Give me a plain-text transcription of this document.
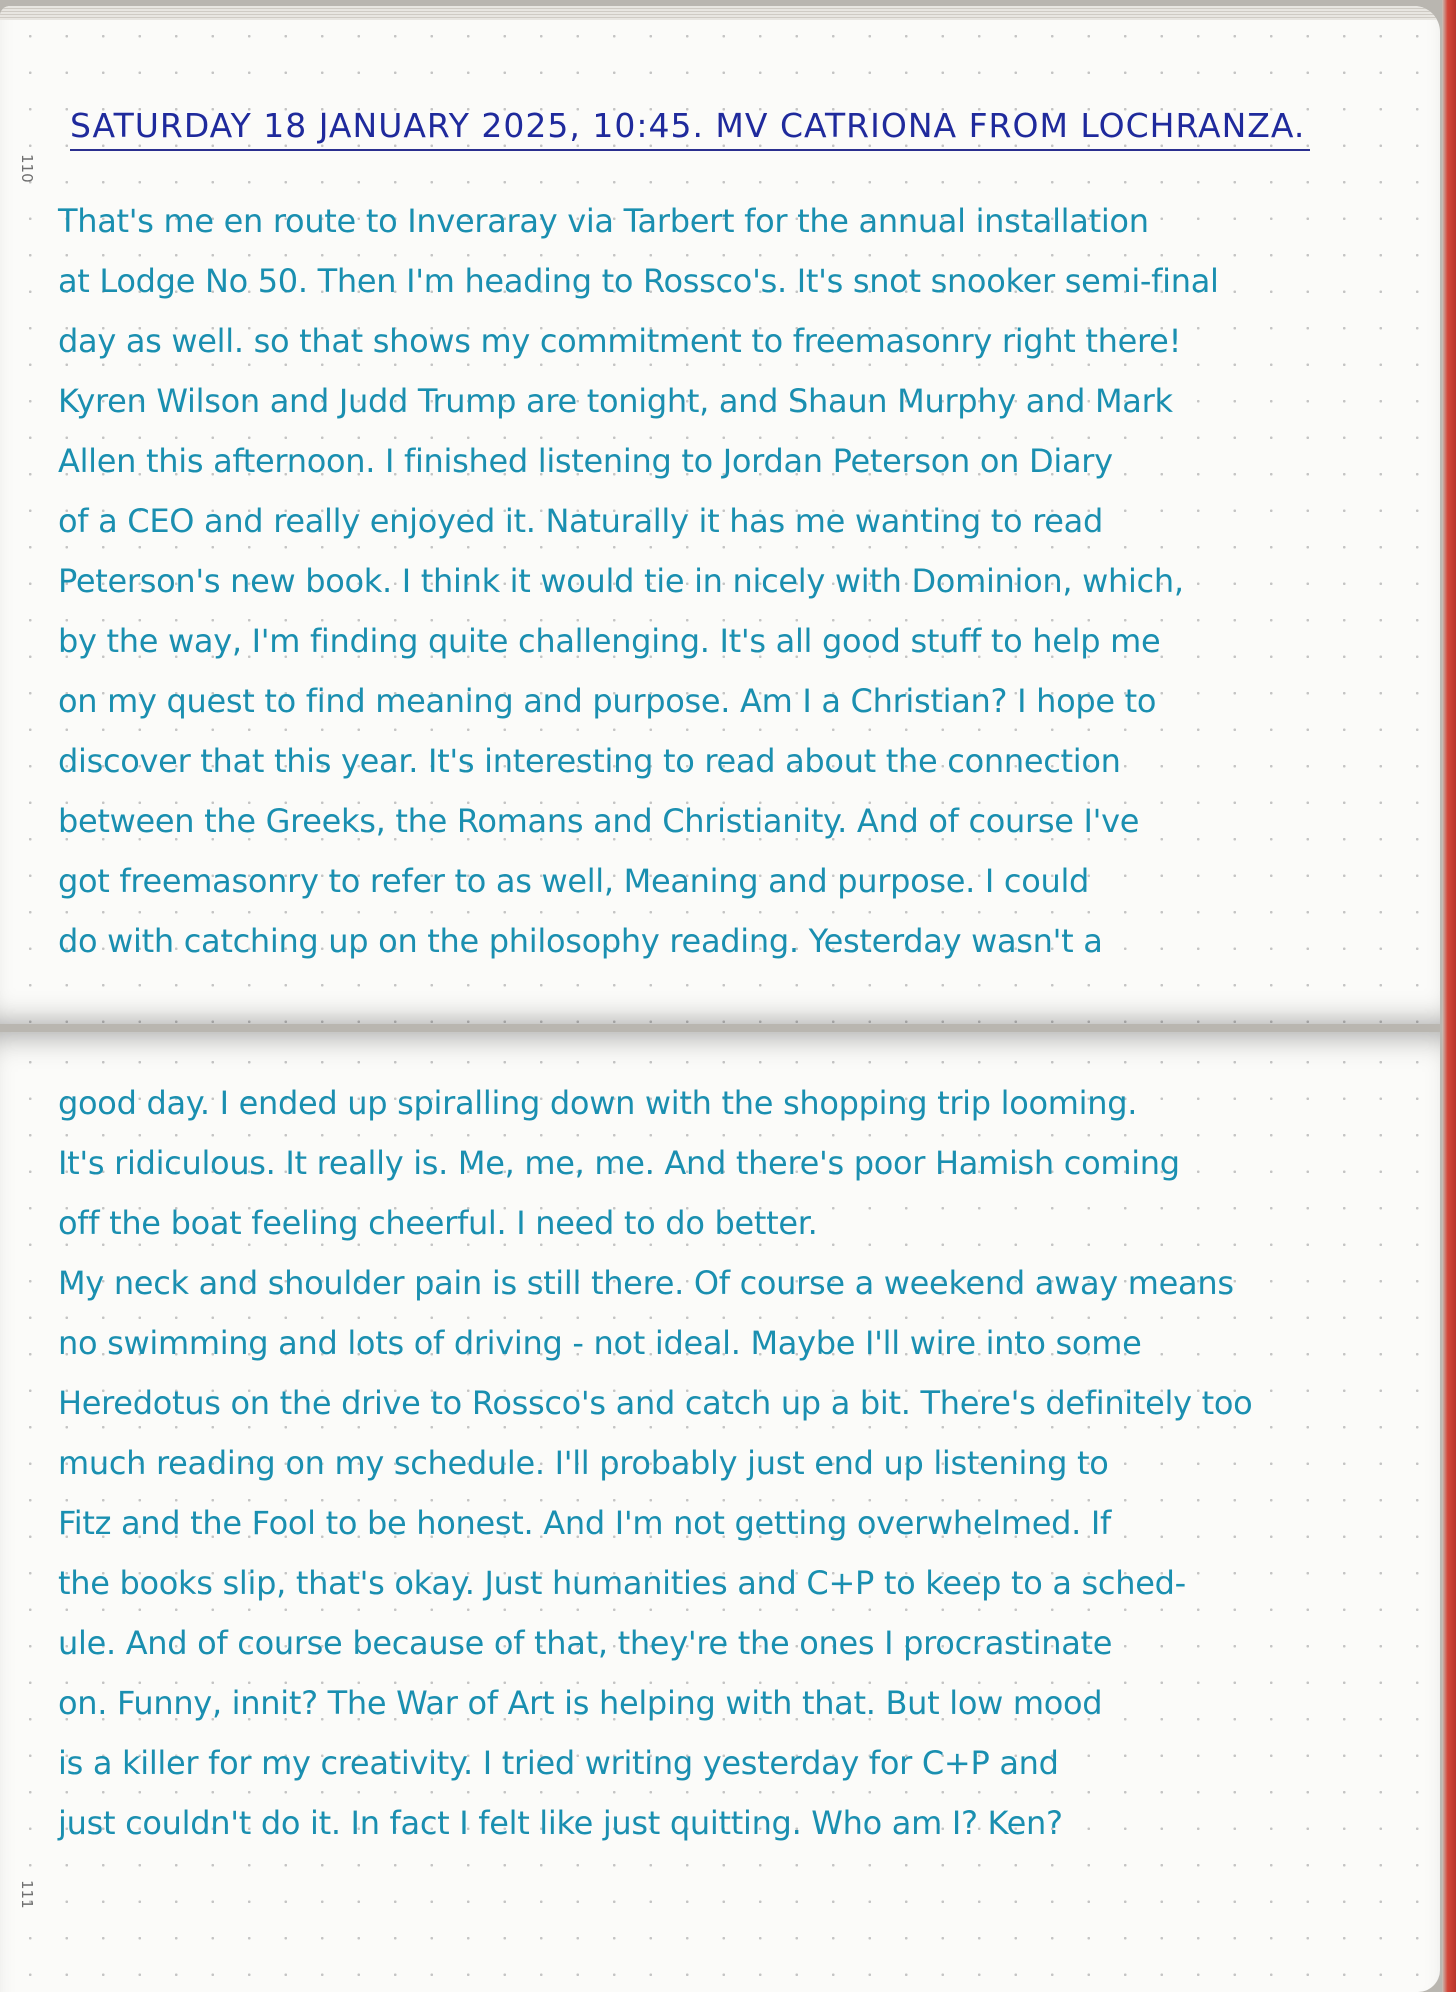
110
SATURDAY 18 JANUARY 2025, 10:45. MV CATRIONA FROM LOCHRANZA.
That's me en route to Inveraray via Tarbert for the annual installation
at Lodge No 50. Then I'm heading to Rossco's. It's snot snooker semi-final
day as well. so that shows my commitment to freemasonry right there!
Kyren Wilson and Judd Trump are tonight, and Shaun Murphy and Mark
Allen this afternoon. I finished listening to Jordan Peterson on Diary
of a CEO and really enjoyed it. Naturally it has me wanting to read
Peterson's new book. I think it would tie in nicely with Dominion, which,
by the way, I'm finding quite challenging. It's all good stuff to help me
on my quest to find meaning and purpose. Am I a Christian? I hope to
discover that this year. It's interesting to read about the connection
between the Greeks, the Romans and Christianity. And of course I've
got freemasonry to refer to as well, Meaning and purpose. I could
do with catching up on the philosophy reading. Yesterday wasn't a
111
good day. I ended up spiralling down with the shopping trip looming.
It's ridiculous. It really is. Me, me, me. And there's poor Hamish coming
off the boat feeling cheerful. I need to do better.
My neck and shoulder pain is still there. Of course a weekend away means
no swimming and lots of driving - not ideal. Maybe I'll wire into some
Heredotus on the drive to Rossco's and catch up a bit. There's definitely too
much reading on my schedule. I'll probably just end up listening to
Fitz and the Fool to be honest. And I'm not getting overwhelmed. If
the books slip, that's okay. Just humanities and C+P to keep to a sched-
ule. And of course because of that, they're the ones I procrastinate
on. Funny, innit? The War of Art is helping with that. But low mood
is a killer for my creativity. I tried writing yesterday for C+P and
just couldn't do it. In fact I felt like just quitting. Who am I? Ken?
